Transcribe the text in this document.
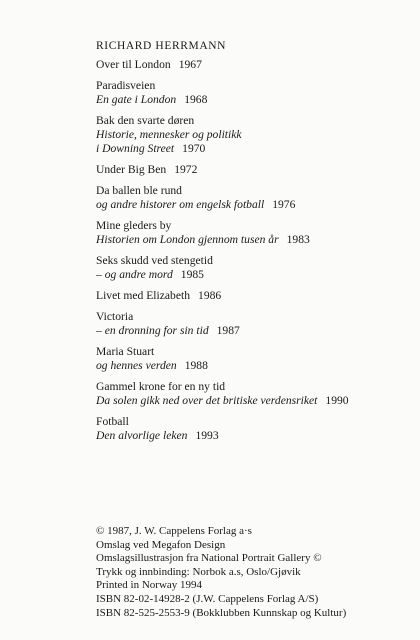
RICHARD HERRMANN
Over til London 1967
Paradisveien
En gate i London 1968
Bak den svarte døren
Historie, mennesker og politikk
i Downing Street 1970
Under Big Ben 1972
Da ballen ble rund
og andre historer om engelsk fotball 1976
Mine gleders by
Historien om London gjennom tusen år 1983
Seks skudd ved stengetid
– og andre mord 1985
Livet med Elizabeth 1986
Victoria
– en dronning for sin tid 1987
Maria Stuart
og hennes verden 1988
Gammel krone for en ny tid
Da solen gikk ned over det britiske verdensriket 1990
Fotball
Den alvorlige leken 1993
© 1987, J. W. Cappelens Forlag a·s
Omslag ved Megafon Design
Omslagsillustrasjon fra National Portrait Gallery ©
Trykk og innbinding: Norbok a.s, Oslo/Gjøvik
Printed in Norway 1994
ISBN 82-02-14928-2 (J.W. Cappelens Forlag A/S)
ISBN 82-525-2553-9 (Bokklubben Kunnskap og Kultur)
